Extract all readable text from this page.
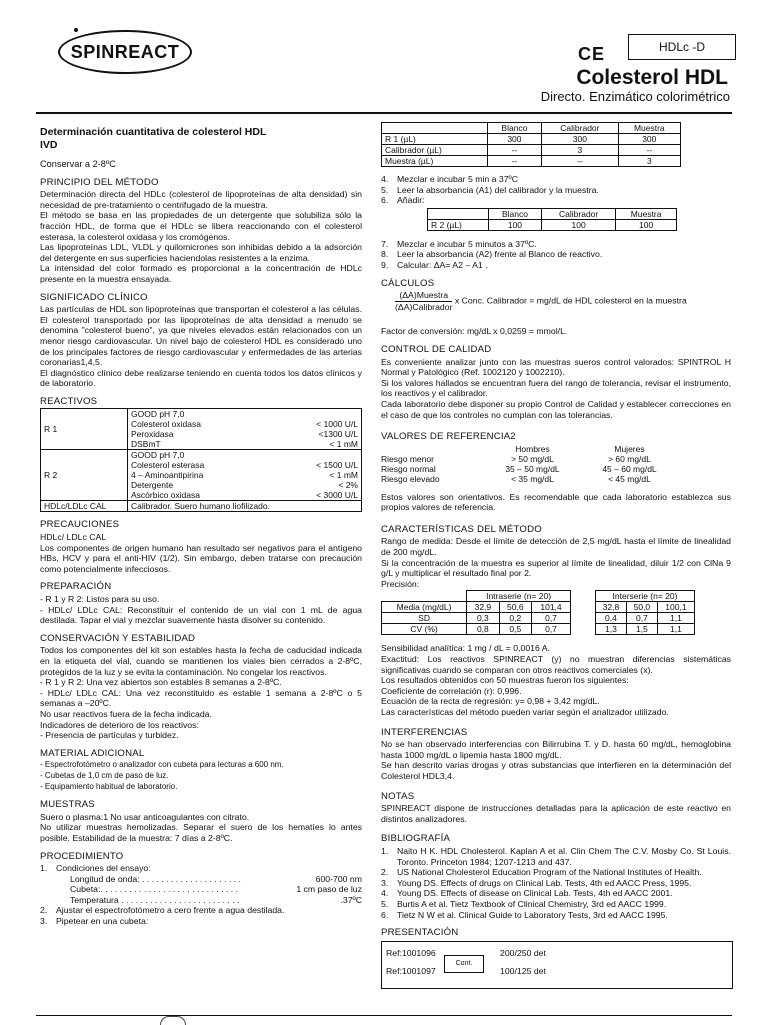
SPINREACT	CE	HDLc -D
Colesterol HDL
Directo. Enzimático colorimétrico
Determinación cuantitativa de colesterol HDL
IVD
Conservar a 2-8ºC
PRINCIPIO DEL MÉTODO

Determinación directa del HDLc (colesterol de lipoproteínas de alta densidad) sin necesidad de pre-tratamiento o centrifugado de la muestra.

El método se basa en las propiedades de un detergente que solubiliza sólo la fracción HDL, de forma que el HDLc se libera reaccionando con el colesterol esterasa, la colesterol oxidasa y los cromógenos.

Las lipoproteínas LDL, VLDL y quilomicrones son inhibidas debido a la adsorción del detergente en sus superficies haciendolas resistentes a la enzima.

La intensidad del color formado es proporcional a la concentración de HDLc presente en la muestra ensayada.

SIGNIFICADO CLÍNICO

Las partículas de HDL son lipoproteínas que transportan el colesterol a las células. El colesterol transportado por las lipoproteínas de alta densidad a menudo se denomina "colesterol bueno", ya que niveles elevados están relacionados con un menor riesgo cardiovascular. Un nivel bajo de colesterol HDL es considerado uno de los principales factores de riesgo cardiovascular y enfermedades de las arterias coronarias1,4,5.

El diagnóstico clínico debe realizarse teniendo en cuenta todos los datos clínicos y de laboratorio.

REACTIVOS
R 1	
GOOD pH 7,0	
Colesterol oxidasa	< 1000 U/L
Peroxidasa	<1300 U/L
DSBmT	< 1 mM

R 2	
GOOD pH 7,0	
Colesterol esterasa	< 1500 U/L
4 – Aminoantipirina	< 1 mM
Detergente	< 2%
Ascórbico oxidasa	< 3000 U/L

HDLc/LDLc CAL	Calibrador. Suero humano liofilizado.
PRECAUCIONES
HDLc/ LDLc CAL

Los componentes de origen humano han resultado ser negativos para el antígeno HBs, HCV y para el anti-HIV (1/2). Sin embargo, deben tratarse con precaución como potencialmente infecciosos.

PREPARACIÓN

- R 1 y R 2: Listos para su uso.

- HDLc/ LDLc CAL: Reconstituir el contenido de un vial con 1 mL de agua destilada. Tapar el vial y mezclar suavemente hasta disolver su contenido.

CONSERVACIÓN Y ESTABILIDAD

Todos los componentes del kit son estables hasta la fecha de caducidad indicada en la etiqueta del vial, cuando se mantienen los viales bien cerrados a 2-8ºC, protegidos de la luz y se evita la contaminación. No congelar los reactivos.

- R 1 y R 2: Una vez abiertos son estables 8 semanas a 2-8ºC.

- HDLc/ LDLc CAL: Una vez reconstituido es estable 1 semana a 2-8ºC o 5 semanas a –20ºC.

No usar reactivos fuera de la fecha indicada.

Indicadores de deterioro de los reactivos:

- Presencia de partículas y turbidez.

MATERIAL ADICIONAL
- Espectrofotómetro o analizador con cubeta para lecturas a 600 nm.
- Cubetas de 1,0 cm de paso de luz.
- Equipamiento habitual de laboratorio.
MUESTRAS

Suero o plasma:1 No usar anticoagulantes con citrato.

No utilizar muestras hemolizadas. Separar el suero de los hematíes lo antes posible. Estabilidad de la muestra: 7 días a 2-8ºC.

PROCEDIMIENTO
1.	Condiciones del ensayo:
Longitud de onda: . . . . . . . . . . . . . . . . . . . . .	600-700 nm
Cubeta:. . . . . . . . . . . . . . . . . . . . . . . . . . . . .	1 cm paso de luz
Temperatura . . . . . . . . . . . . . . . . . . . . . . . . .	.37ºC
2.	Ajustar el espectrofotómetro a cero frente a agua destilada.
3.	Pipetear en una cubeta:
	Blanco	Calibrador	Muestra
R 1 (µL)	300	300	300
Calibrador (µL)	--	3	--
Muestra (µL)	--	--	3
4.	Mezclar e incubar 5 min a 37ºC
5.	Leer la absorbancia (A1) del calibrador y la muestra.
6.	Añadir:
	Blanco	Calibrador	Muestra
R 2 (µL)	100	100	100
7.	Mezclar e incubar 5 minutos a 37ºC.
8.	Leer la absorbancia (A2) frente al Blanco de reactivo.
9.	Calcular: ΔA= A2 – A1 .
CÁLCULOS
$\frac{\text{(ΔA)Muestra}}{\text{(ΔA)Calibrador}}$ x Conc. Calibrador = mg/dL de HDL colesterol en la muestra
Factor de conversión: mg/dL x 0,0259 = mmol/L.
CONTROL DE CALIDAD

Es conveniente analizar junto con las muestras sueros control valorados: SPINTROL H Normal y Patológico (Ref. 1002120 y 1002210).

Si los valores hallados se encuentran fuera del rango de tolerancia, revisar el instrumento, los reactivos y el calibrador.

Cada laboratorio debe disponer su propio Control de Calidad y establecer correcciones en el caso de que los controles no cumplan con las tolerancias.

VALORES DE REFERENCIA2
	Hombres	Mujeres
Riesgo menor	> 50 mg/dL	> 60 mg/dL
Riesgo normal	35 – 50 mg/dL	45 – 60 mg/dL
Riesgo elevado	< 35 mg/dL	< 45 mg/dL

Estos valores son orientativos. Es recomendable que cada laboratorio establezca sus propios valores de referencia.

CARACTERÍSTICAS DEL MÉTODO

Rango de medida: Desde el límite de detección de 2,5 mg/dL hasta el límite de linealidad de 200 mg/dL.

Si la concentración de la muestra es superior al límite de linealidad, diluir 1/2 con ClNa 9 g/L y multiplicar el resultado final por 2.

Precisión:

	Intraserie (n= 20)		
Media (mg/dL)	32,9	50,6	101,4
SD	0,3	0,2	0,7
CV (%)	0,8	0,5	0,7
Interserie (n= 20)		
32,8	50,0	100,1
0,4	0,7	1,1
1,3	1,5	1,1

Sensibilidad analítica: 1 mg / dL = 0,0016 A.

Exactitud: Los reactivos SPINREACT (y) no muestran diferencias sistemáticas significativas cuando se comparan con otros reactivos comerciales (x).

Los resultados obtenidos con 50 muestras fueron los siguientes:

Coeficiente de correlación (r): 0,996.

Ecuación de la recta de regresión: y= 0,98 + 3,42 mg/dL.

Las características del método pueden variar según el analizador utilizado.

INTERFERENCIAS

No se han observado interferencias con Bilirrubina T. y D. hasta 60 mg/dL, hemoglobina hasta 1000 mg/dL o lipemia hasta 1800 mg/dL.

Se han descrito varias drogas y otras substancias que interfieren en la determinación del Colesterol HDL3,4.

NOTAS

SPINREACT dispone de instrucciones detalladas para la aplicación de este reactivo en distintos analizadores.

BIBLIOGRAFÍA
1.	Naito H K. HDL Cholesterol. Kaplan A et al. Clin Chem The C.V. Mosby Co. St Louis. Toronto. Princeton 1984; 1207-1213 and 437.
2.	US National Cholesterol Education Program of the National Institutes of Health.
3.	Young DS. Effects of drugs on Clinical Lab. Tests, 4th ed AACC Press, 1995.
4.	Young DS. Effects of disease on Clinical Lab. Tests, 4th ed AACC 2001.
5.	Burtis A et al. Tietz Textbook of Clinical Chemistry, 3rd ed AACC 1999.
6.	Tietz N W et al. Clinical Guide to Laboratory Tests, 3rd ed AACC 1995.
PRESENTACIÓN
Ref:1001096
Ref:1001097
Cont.
200/250 det
100/125 det
